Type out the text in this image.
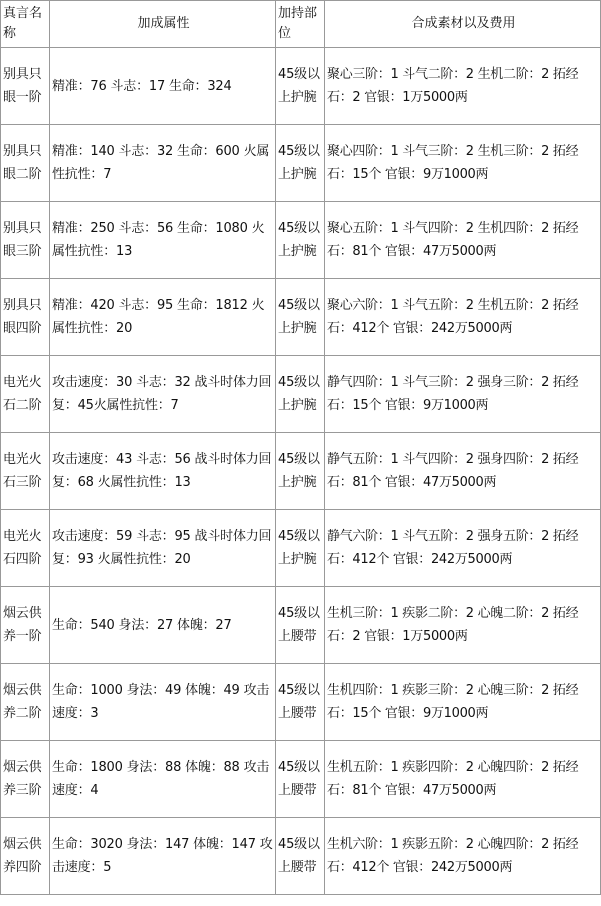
真言名称	加成属性	加持部位	合成素材以及费用
别具只眼一阶	精准：76 斗志：17 生命：324	45级以上护腕	聚心三阶：1 斗气二阶：2 生机二阶：2 拓经石：2 官银：1万5000两
别具只眼二阶	精准：140 斗志：32 生命：600 火属性抗性：7	45级以上护腕	聚心四阶：1 斗气三阶：2 生机三阶：2 拓经石：15个 官银：9万1000两
别具只眼三阶	精准：250 斗志：56 生命：1080 火属性抗性：13	45级以上护腕	聚心五阶：1 斗气四阶：2 生机四阶：2 拓经石：81个 官银：47万5000两
别具只眼四阶	精准：420 斗志：95 生命：1812 火属性抗性：20	45级以上护腕	聚心六阶：1 斗气五阶：2 生机五阶：2 拓经石：412个 官银：242万5000两
电光火石二阶	攻击速度：30 斗志：32 战斗时体力回复：45火属性抗性：7	45级以上护腕	静气四阶：1 斗气三阶：2 强身三阶：2 拓经石：15个 官银：9万1000两
电光火石三阶	攻击速度：43 斗志：56 战斗时体力回复：68 火属性抗性：13	45级以上护腕	静气五阶：1 斗气四阶：2 强身四阶：2 拓经石：81个 官银：47万5000两
电光火石四阶	攻击速度：59 斗志：95 战斗时体力回复：93 火属性抗性：20	45级以上护腕	静气六阶：1 斗气五阶：2 强身五阶：2 拓经石：412个 官银：242万5000两
烟云供养一阶	生命：540 身法：27 体魄：27	45级以上腰带	生机三阶：1 疾影二阶：2 心魄二阶：2 拓经石：2 官银：1万5000两
烟云供养二阶	生命：1000 身法：49 体魄：49 攻击速度：3	45级以上腰带	生机四阶：1 疾影三阶：2 心魄三阶：2 拓经石：15个 官银：9万1000两
烟云供养三阶	生命：1800 身法：88 体魄：88 攻击速度：4	45级以上腰带	生机五阶：1 疾影四阶：2 心魄四阶：2 拓经石：81个 官银：47万5000两
烟云供养四阶	生命：3020 身法：147 体魄：147 攻击速度：5	45级以上腰带	生机六阶：1 疾影五阶：2 心魄四阶：2 拓经石：412个 官银：242万5000两
